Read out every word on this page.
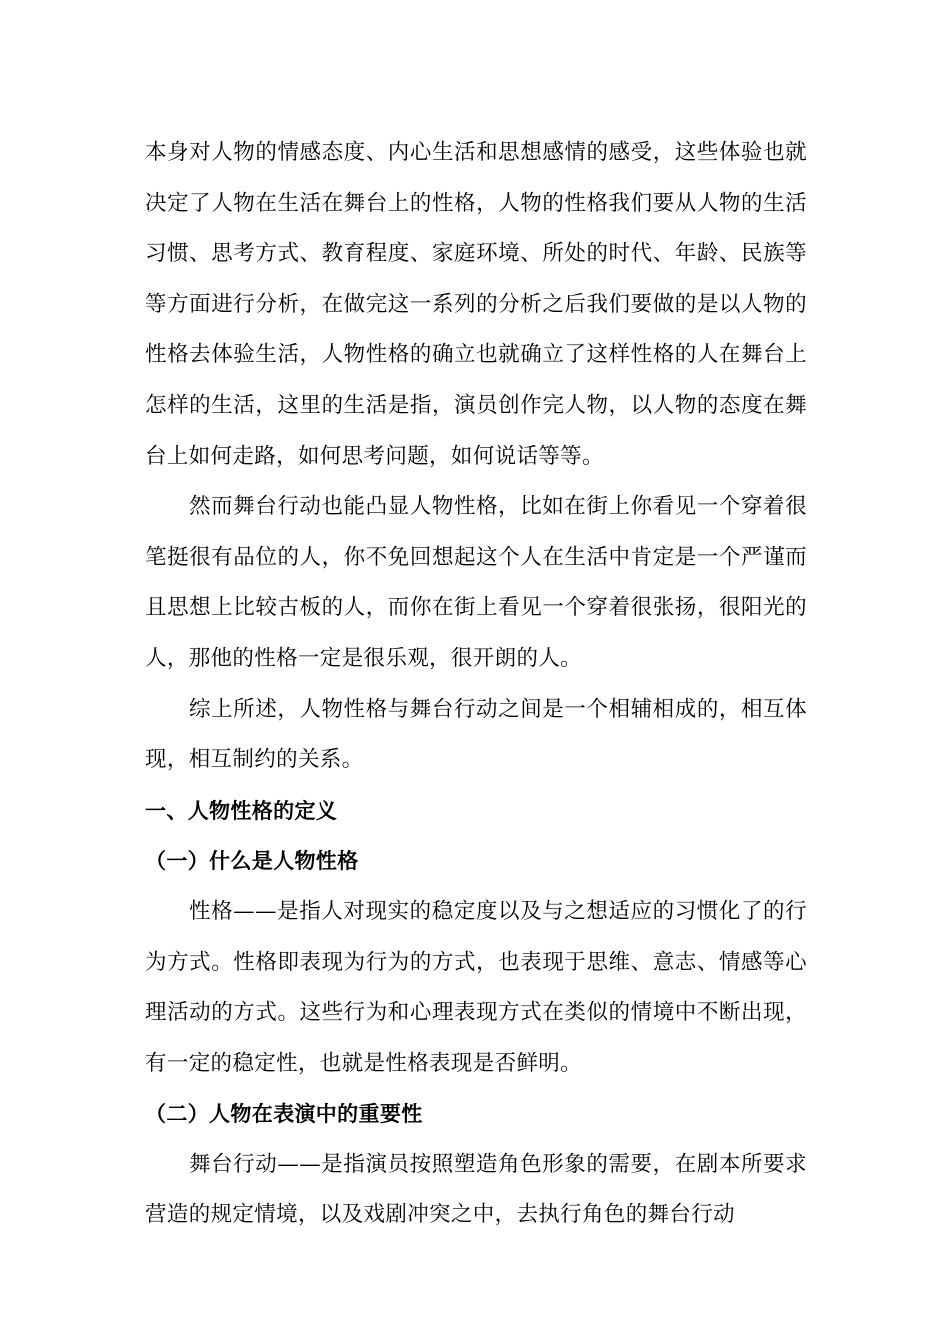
本身对人物的情感态度、内心生活和思想感情的感受，这些体验也就决定了人物在生活在舞台上的性格，人物的性格我们要从人物的生活习惯、思考方式、教育程度、家庭环境、所处的时代、年龄、民族等等方面进行分析，在做完这一系列的分析之后我们要做的是以人物的性格去体验生活，人物性格的确立也就确立了这样性格的人在舞台上怎样的生活，这里的生活是指，演员创作完人物，以人物的态度在舞台上如何走路，如何思考问题，如何说话等等。

然而舞台行动也能凸显人物性格，比如在街上你看见一个穿着很笔挺很有品位的人，你不免回想起这个人在生活中肯定是一个严谨而且思想上比较古板的人，而你在街上看见一个穿着很张扬，很阳光的人，那他的性格一定是很乐观，很开朗的人。

综上所述，人物性格与舞台行动之间是一个相辅相成的，相互体现，相互制约的关系。

一、人物性格的定义
（一）什么是人物性格

性格——是指人对现实的稳定度以及与之想适应的习惯化了的行为方式。性格即表现为行为的方式，也表现于思维、意志、情感等心理活动的方式。这些行为和心理表现方式在类似的情境中不断出现，有一定的稳定性，也就是性格表现是否鲜明。

（二）人物在表演中的重要性

舞台行动——是指演员按照塑造角色形象的需要，在剧本所要求营造的规定情境，以及戏剧冲突之中，去执行角色的舞台行动
